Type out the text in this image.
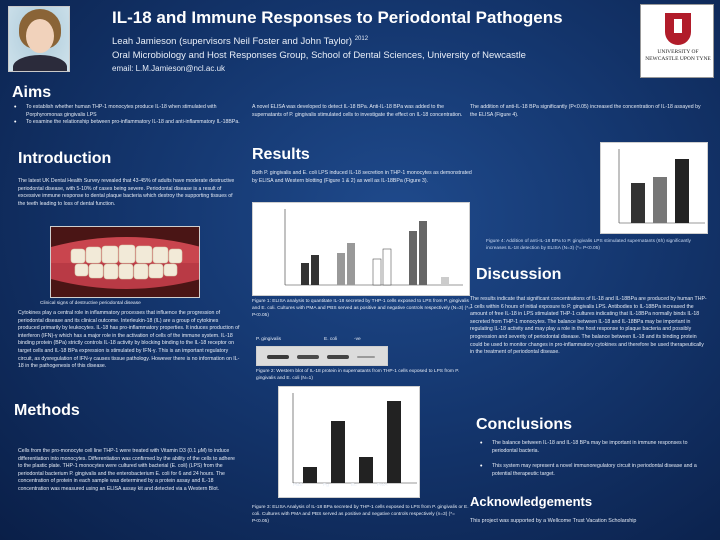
IL-18 and Immune Responses to Periodontal Pathogens
Leah Jamieson (supervisors Neil Foster and John Taylor) $^{2012}$
Oral Microbiology and Host Responses Group, School of Dental Sciences, University of Newcastle
email: L.M.Jamieson@ncl.ac.uk
UNIVERSITY OF NEWCASTLE UPON TYNE
Aims
• To establish whether human THP-1 monocytes produce IL-18 when stimulated with Porphyromonas gingivalis LPS
• To examine the relationship between pro-inflammatory IL-18 and anti-inflammatory IL-18BPa.
Introduction
The latest UK Dental Health Survey revealed that 43-45% of adults have moderate destructive periodontal disease, with 5-10% of cases being severe. Periodontal disease is a result of excessive immune response to dental plaque bacteria which destroy the supporting tissues of the teeth leading to loss of dental function.
Clinical signs of destructive periodontal disease
Cytokines play a central role in inflammatory processes that influence the progression of periodontal disease and its clinical outcome. Interleukin-18 (IL) are a group of cytokines produced primarily by leukocytes. IL-18 has pro-inflammatory properties. It induces production of interferon (IFN)-γ which has a major role in the activation of cells of the immune system. IL-18 binding protein (BPa) strictly controls IL-18 activity by blocking binding to the IL-18 receptor on target cells and IL-18 BPa expression is stimulated by IFN-γ. This is an important regulatory circuit, as dysregulation of IFN-γ causes tissue pathology. However there is no information on IL-18 in the pathogenesis of this disease.
Methods
Cells from the pro-monocyte cell line THP-1 were treated with Vitamin D3 (0.1 μM) to induce differentiation into monocytes. Differentiation was confirmed by the ability of the cells to adhere to the plastic plate. THP-1 monocytes were cultured with bacterial (E. coli) (LPS) from the periodontal bacterium P. gingivalis and the enterobacterium E. coli for 6 and 24 hours. The concentration of protein in each sample was determined by a protein assay and IL-18 concentration was measured using an ELISA assay kit and detected via a Western Blot.
A novel ELISA was developed to detect IL-18 BPa. Anti-IL-18 BPa was added to the supernatants of P. gingivalis stimulated cells to investigate the effect on IL-18 concentration.
Results
Both P. gingivalis and E. coli LPS induced IL-18 secretion in THP-1 monocytes as demonstrated by ELISA and Western blotting (Figure 1 & 2) as well as IL-18BPa (Figure 3).
Figure 1: ELISA analysis to quantitate IL-18 secreted by THP-1 cells exposed to LPS from P. gingivalis and E. coli. Cultures with PMA and PBS served as positive and negative controls respectively (N=3) (*= P<0.05)
P. gingivalis	E. coli	-ve
Figure 2: Western blot of IL-18 protein in supernatants from THP-1 cells exposed to LPS from P. gingivalis and E. coli (N=1)
PBS	Pg	Ec	PMA
Figure 3: ELISA Analysis of IL-18 BPa secreted by THP-1 cells exposed to LPS from P. gingivalis or E. coli. Cultures with PMA and PBS served as positive and negative controls respectively (n=3) (*= P<0.05)
The addition of anti-IL-18 BPa significantly (P<0.05) increased the concentration of IL-18 assayed by the ELISA (Figure 4).
Figure 4: Addition of anti-IL-18 BPa to P. gingivalis LPS stimulated supernatants (6h) significantly increases IL-18 detection by ELISA (N=3) (*= P<0.05)
Discussion
The results indicate that significant concentrations of IL-18 and IL-18BPa are produced by human THP-1 cells within 6 hours of initial exposure to P. gingivalis LPS. Antibodies to IL-18BPa increased the amount of free IL-18 in LPS stimulated THP-1 cultures indicating that IL-18BPa normally binds IL-18 secreted from THP-1 monocytes. The balance between IL-18 and IL-18BPa may be important in regulating IL-18 activity and may play a role in the host response to plaque bacteria and possibly progression and severity of periodontal disease. The balance between IL-18 and its binding protein could be used to monitor changes in pro-inflammatory cytokines and therefore be used therapeutically in the treatment of periodontal disease.
Conclusions
• The balance between IL-18 and IL-18 BPa may be important in immune responses to periodontal bacteria.
• This system may represent a novel immunoregulatory circuit in periodontal disease and a potential therapeutic target.
Acknowledgements
This project was supported by a Wellcome Trust Vacation Scholarship
